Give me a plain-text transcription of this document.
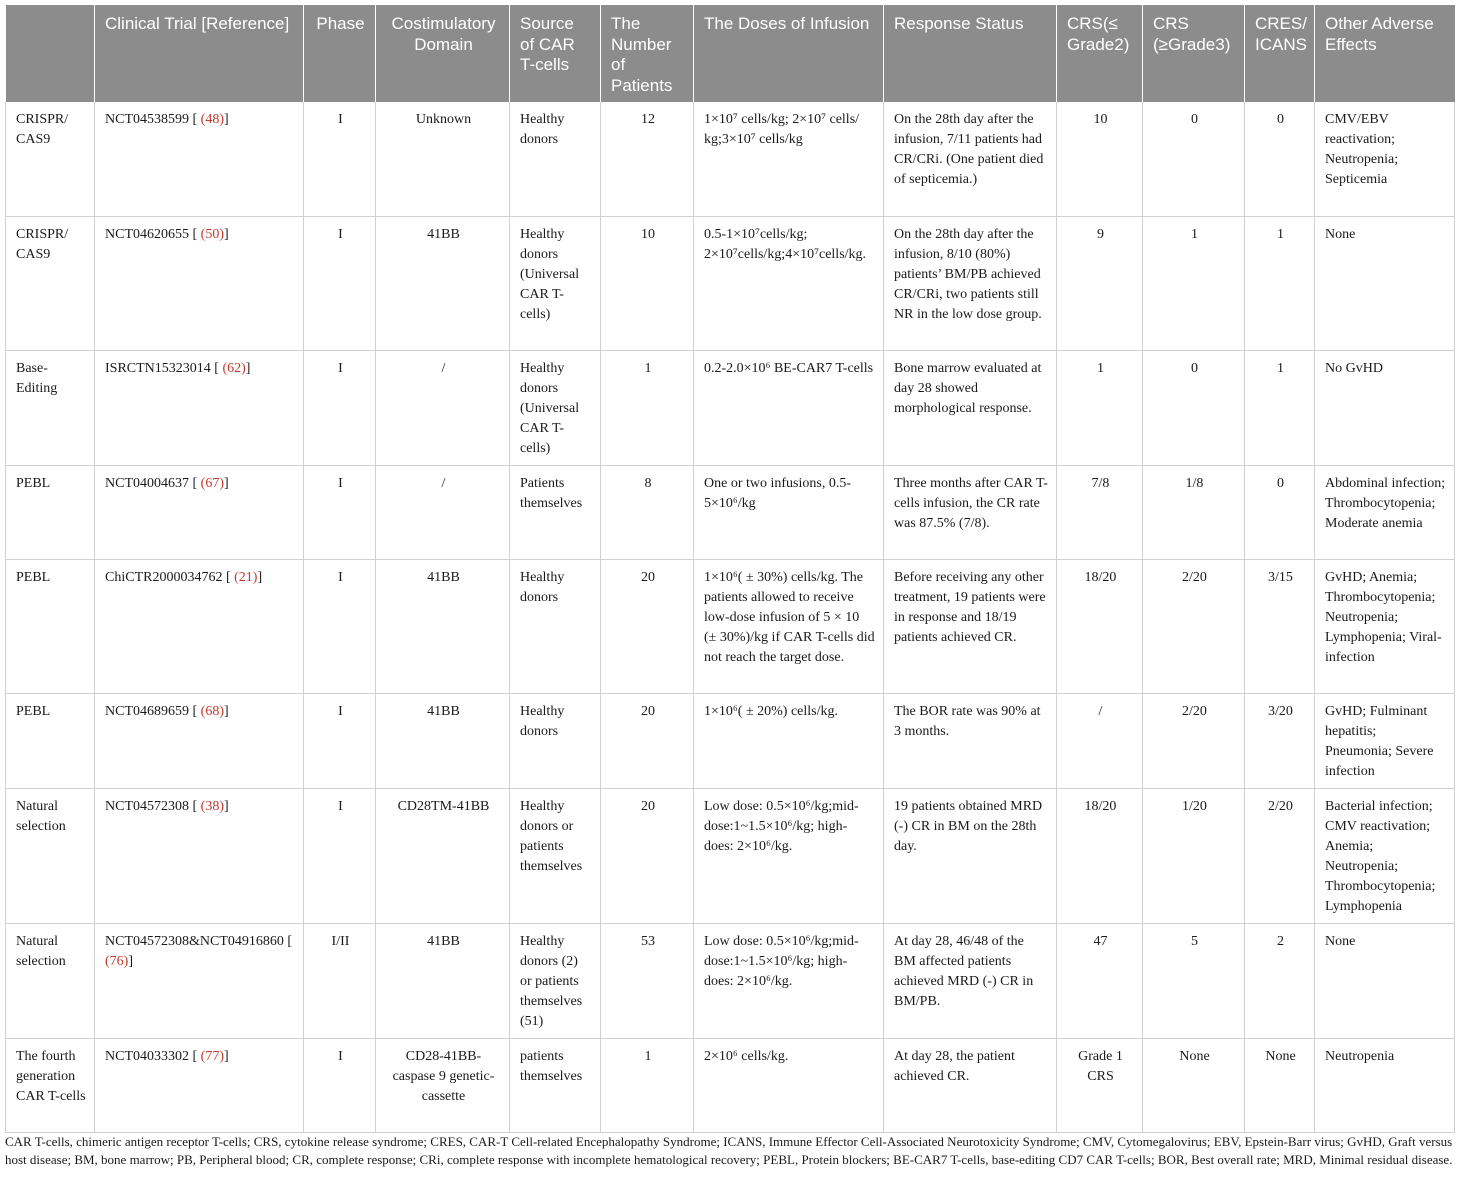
	Clinical Trial [Reference]	Phase	Costimulatory Domain	Source of CAR T-cells	The Number of Patients	The Doses of Infusion	Response Status	CRS(≤ Grade2)	CRS (≥Grade3)	CRES/ ICANS	Other Adverse Effects
CRISPR/ CAS9	NCT04538599 [ (48)]	I	Unknown	Healthy donors	12	1×10⁷ cells/kg; 2×10⁷ cells/ kg;3×10⁷ cells/kg	On the 28th day after the infusion, 7/11 patients had CR/CRi. (One patient died of septicemia.)	10	0	0	CMV/EBV reactivation; Neutropenia; Septicemia
CRISPR/ CAS9	NCT04620655 [ (50)]	I	41BB	Healthy donors (Universal CAR T-cells)	10	0.5-1×10⁷cells/kg; 2×10⁷cells/kg;4×10⁷cells/kg.	On the 28th day after the infusion, 8/10 (80%) patients’ BM/PB achieved CR/CRi, two patients still NR in the low dose group.	9	1	1	None
Base-Editing	ISRCTN15323014 [ (62)]	I	/	Healthy donors (Universal CAR T-cells)	1	0.2-2.0×10⁶ BE-CAR7 T-cells	Bone marrow evaluated at day 28 showed morphological response.	1	0	1	No GvHD
PEBL	NCT04004637 [ (67)]	I	/	Patients themselves	8	One or two infusions, 0.5-5×10⁶/kg	Three months after CAR T-cells infusion, the CR rate was 87.5% (7/8).	7/8	1/8	0	Abdominal infection; Thrombocytopenia; Moderate anemia
PEBL	ChiCTR2000034762 [ (21)]	I	41BB	Healthy donors	20	1×10⁶( ± 30%) cells/kg. The patients allowed to receive low-dose infusion of 5 × 10 (± 30%)/kg if CAR T-cells did not reach the target dose.	Before receiving any other treatment, 19 patients were in response and 18/19 patients achieved CR.	18/20	2/20	3/15	GvHD; Anemia; Thrombocytopenia; Neutropenia; Lymphopenia; Viral-infection
PEBL	NCT04689659 [ (68)]	I	41BB	Healthy donors	20	1×10⁶( ± 20%) cells/kg.	The BOR rate was 90% at 3 months.	/	2/20	3/20	GvHD; Fulminant hepatitis; Pneumonia; Severe infection
Natural selection	NCT04572308 [ (38)]	I	CD28TM-41BB	Healthy donors or patients themselves	20	Low dose: 0.5×10⁶/kg;mid-dose:1~1.5×10⁶/kg; high-does: 2×10⁶/kg.	19 patients obtained MRD (-) CR in BM on the 28th day.	18/20	1/20	2/20	Bacterial infection; CMV reactivation; Anemia; Neutropenia; Thrombocytopenia; Lymphopenia
Natural selection	NCT04572308&NCT04916860 [ (76)]	I/II	41BB	Healthy donors (2) or patients themselves (51)	53	Low dose: 0.5×10⁶/kg;mid-dose:1~1.5×10⁶/kg; high-does: 2×10⁶/kg.	At day 28, 46/48 of the BM affected patients achieved MRD (-) CR in BM/PB.	47	5	2	None
The fourth generation CAR T-cells	NCT04033302 [ (77)]	I	CD28-41BB-caspase 9 genetic-cassette	patients themselves	1	2×10⁶ cells/kg.	At day 28, the patient achieved CR.	Grade 1 CRS	None	None	Neutropenia
CAR T-cells, chimeric antigen receptor T-cells; CRS, cytokine release syndrome; CRES, CAR-T Cell-related Encephalopathy Syndrome; ICANS, Immune Effector Cell-Associated Neurotoxicity Syndrome; CMV, Cytomegalovirus; EBV, Epstein-Barr virus; GvHD, Graft versus host disease; BM, bone marrow; PB, Peripheral blood; CR, complete response; CRi, complete response with incomplete hematological recovery; PEBL, Protein blockers; BE-CAR7 T-cells, base-editing CD7 CAR T-cells; BOR, Best overall rate; MRD, Minimal residual disease.
